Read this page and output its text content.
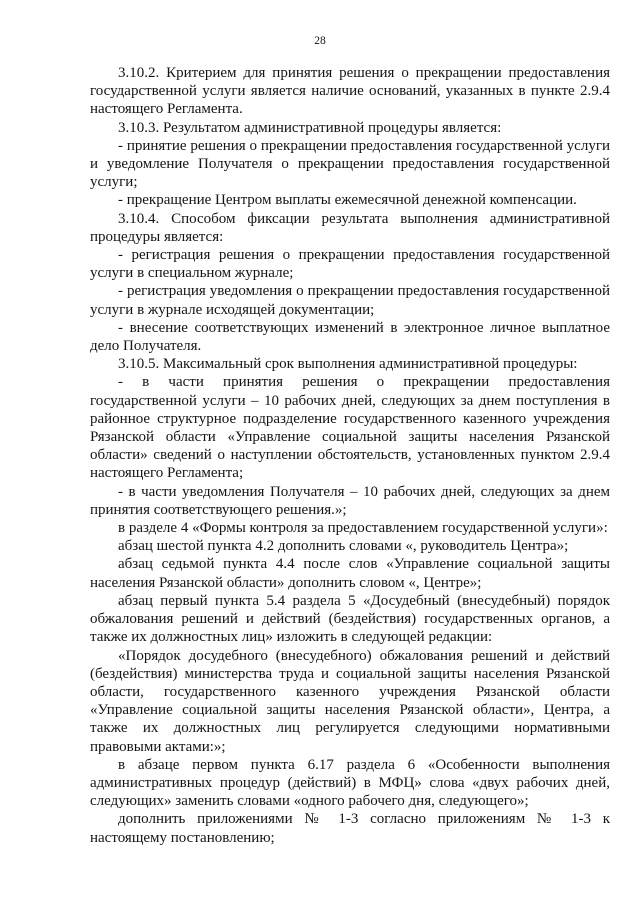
28

3.10.2. Критерием для принятия решения о прекращении предоставления государственной услуги является наличие оснований, указанных в пункте 2.9.4 настоящего Регламента.

3.10.3. Результатом административной процедуры является:

- принятие решения о прекращении предоставления государственной услуги и уведомление Получателя о прекращении предоставления государственной услуги;

- прекращение Центром выплаты ежемесячной денежной компенсации.

3.10.4. Способом фиксации результата выполнения административной процедуры является:

- регистрация решения о прекращении предоставления государственной услуги в специальном журнале;

- регистрация уведомления о прекращении предоставления государственной услуги в журнале исходящей документации;

- внесение соответствующих изменений в электронное личное выплатное дело Получателя.

3.10.5. Максимальный срок выполнения административной процедуры:

- в части принятия решения о прекращении предоставления государственной услуги – 10 рабочих дней, следующих за днем поступления в районное структурное подразделение государственного казенного учреждения Рязанской области «Управление социальной защиты населения Рязанской области» сведений о наступлении обстоятельств, установленных пунктом 2.9.4 настоящего Регламента;

- в части уведомления Получателя – 10 рабочих дней, следующих за днем принятия соответствующего решения.»;

в разделе 4 «Формы контроля за предоставлением государственной услуги»:

абзац шестой пункта 4.2 дополнить словами «, руководитель Центра»;

абзац седьмой пункта 4.4 после слов «Управление социальной защиты населения Рязанской области» дополнить словом «, Центре»;

абзац первый пункта 5.4 раздела 5 «Досудебный (внесудебный) порядок обжалования решений и действий (бездействия) государственных органов, а также их должностных лиц» изложить в следующей редакции:

«Порядок досудебного (внесудебного) обжалования решений и действий (бездействия) министерства труда и социальной защиты населения Рязанской области, государственного казенного учреждения Рязанской области «Управление социальной защиты населения Рязанской области», Центра, а также их должностных лиц регулируется следующими нормативными правовыми актами:»;

в абзаце первом пункта 6.17 раздела 6 «Особенности выполнения административных процедур (действий) в МФЦ» слова «двух рабочих дней, следующих» заменить словами «одного рабочего дня, следующего»;

дополнить приложениями № 1-3 согласно приложениям № 1-3 к настоящему постановлению;
